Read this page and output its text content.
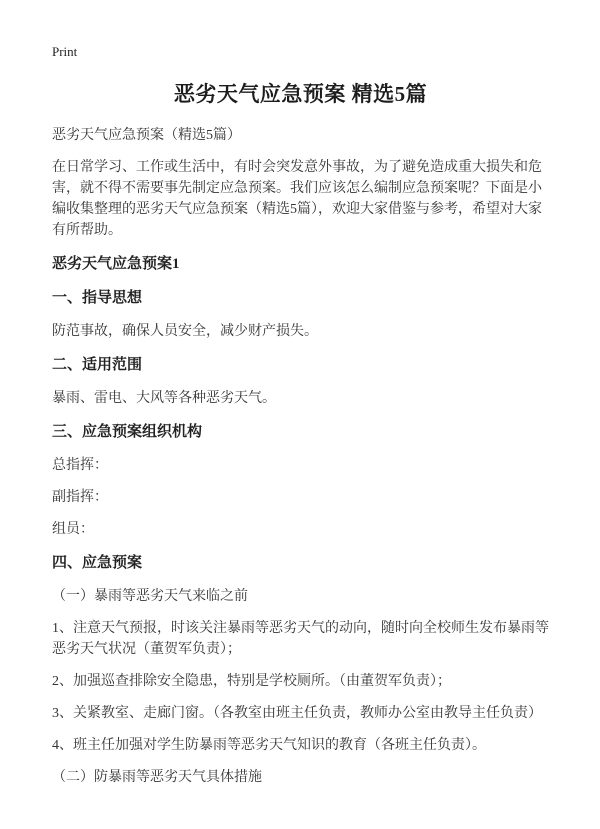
Print
恶劣天气应急预案 精选5篇

恶劣天气应急预案（精选5篇）

在日常学习、工作或生活中，有时会突发意外事故，为了避免造成重大损失和危害，就不得不需要事先制定应急预案。我们应该怎么编制应急预案呢？下面是小编收集整理的恶劣天气应急预案（精选5篇），欢迎大家借鉴与参考，希望对大家有所帮助。

恶劣天气应急预案1

一、指导思想

防范事故，确保人员安全，减少财产损失。

二、适用范围

暴雨、雷电、大风等各种恶劣天气。

三、应急预案组织机构

总指挥：

副指挥：

组员：

四、应急预案

（一）暴雨等恶劣天气来临之前

1、注意天气预报，时该关注暴雨等恶劣天气的动向，随时向全校师生发布暴雨等恶劣天气状况（董贺军负责）；

2、加强巡查排除安全隐患，特别是学校厕所。（由董贺军负责）；

3、关紧教室、走廊门窗。（各教室由班主任负责，教师办公室由教导主任负责）

4、班主任加强对学生防暴雨等恶劣天气知识的教育（各班主任负责）。

（二）防暴雨等恶劣天气具体措施
